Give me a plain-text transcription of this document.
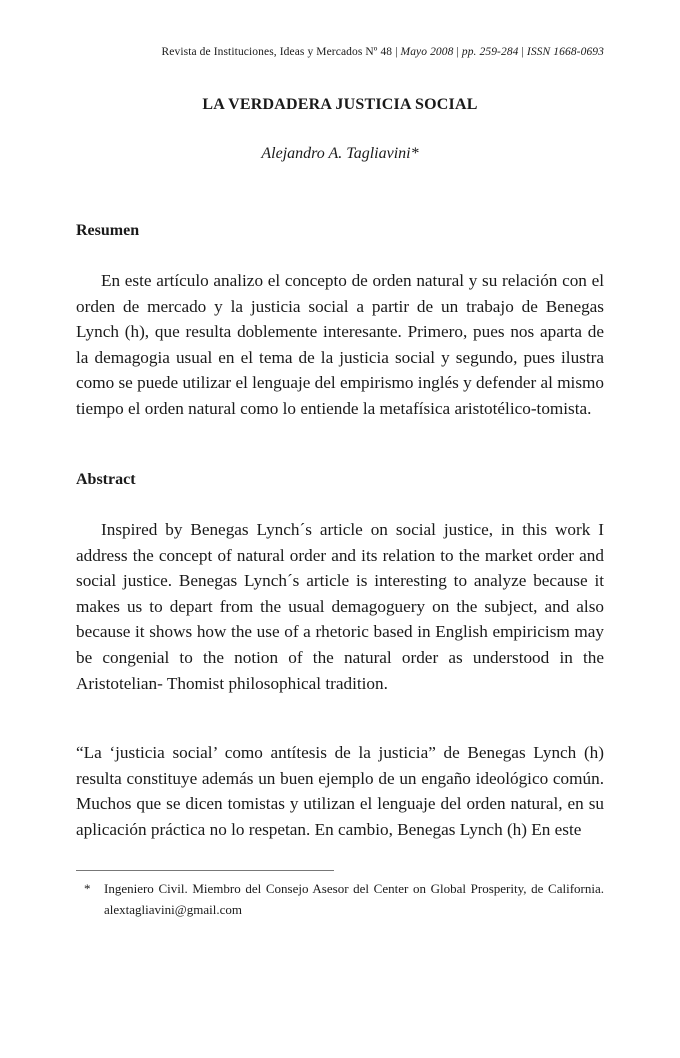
Revista de Instituciones, Ideas y Mercados Nº 48 | Mayo 2008 | pp. 259-284 | ISSN 1668-0693
LA VERDADERA JUSTICIA SOCIAL
Alejandro A. Tagliavini*
Resumen
En este artículo analizo el concepto de orden natural y su relación con el orden de mercado y la justicia social a partir de un trabajo de Benegas Lynch (h), que resulta doblemente interesante. Primero, pues nos aparta de la demagogia usual en el tema de la justicia social y segundo, pues ilustra como se puede utilizar el lenguaje del empirismo inglés y defender al mismo tiempo el orden natural como lo entiende la metafísica aristotélico-tomista.
Abstract
Inspired by Benegas Lynch´s article on social justice, in this work I address the concept of natural order and its relation to the market order and social justice. Benegas Lynch´s article is interesting to analyze because it makes us to depart from the usual demagoguery on the subject, and also because it shows how the use of a rhetoric based in English empiricism may be congenial to the notion of the natural order as understood in the Aristotelian- Thomist philosophical tradition.
“La ‘justicia social’ como antítesis de la justicia” de Benegas Lynch (h) resulta constituye además un buen ejemplo de un engaño ideológico común. Muchos que se dicen tomistas y utilizan el lenguaje del orden natural, en su aplicación práctica no lo respetan. En cambio, Benegas Lynch (h) En este
* Ingeniero Civil. Miembro del Consejo Asesor del Center on Global Prosperity, de California. alextagliavini@gmail.com
